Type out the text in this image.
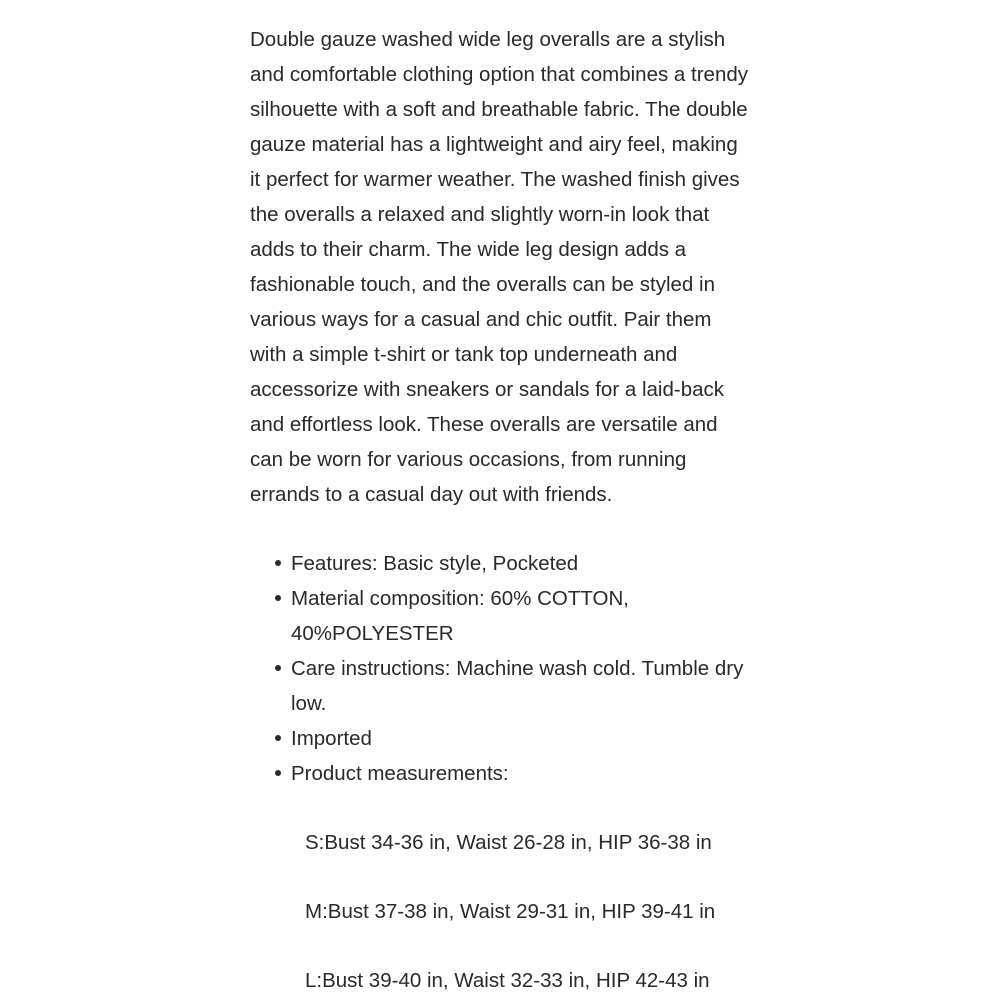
Double gauze washed wide leg overalls are a stylish and comfortable clothing option that combines a trendy silhouette with a soft and breathable fabric. The double gauze material has a lightweight and airy feel, making it perfect for warmer weather. The washed finish gives the overalls a relaxed and slightly worn-in look that adds to their charm. The wide leg design adds a fashionable touch, and the overalls can be styled in various ways for a casual and chic outfit. Pair them with a simple t-shirt or tank top underneath and accessorize with sneakers or sandals for a laid-back and effortless look. These overalls are versatile and can be worn for various occasions, from running errands to a casual day out with friends.

Features: Basic style, Pocketed
Material composition: 60% COTTON, 40%POLYESTER
Care instructions: Machine wash cold. Tumble dry low.
Imported
Product measurements:

S:Bust 34-36 in, Waist 26-28 in, HIP 36-38 in

M:Bust 37-38 in, Waist 29-31 in, HIP 39-41 in

L:Bust 39-40 in, Waist 32-33 in, HIP 42-43 in
